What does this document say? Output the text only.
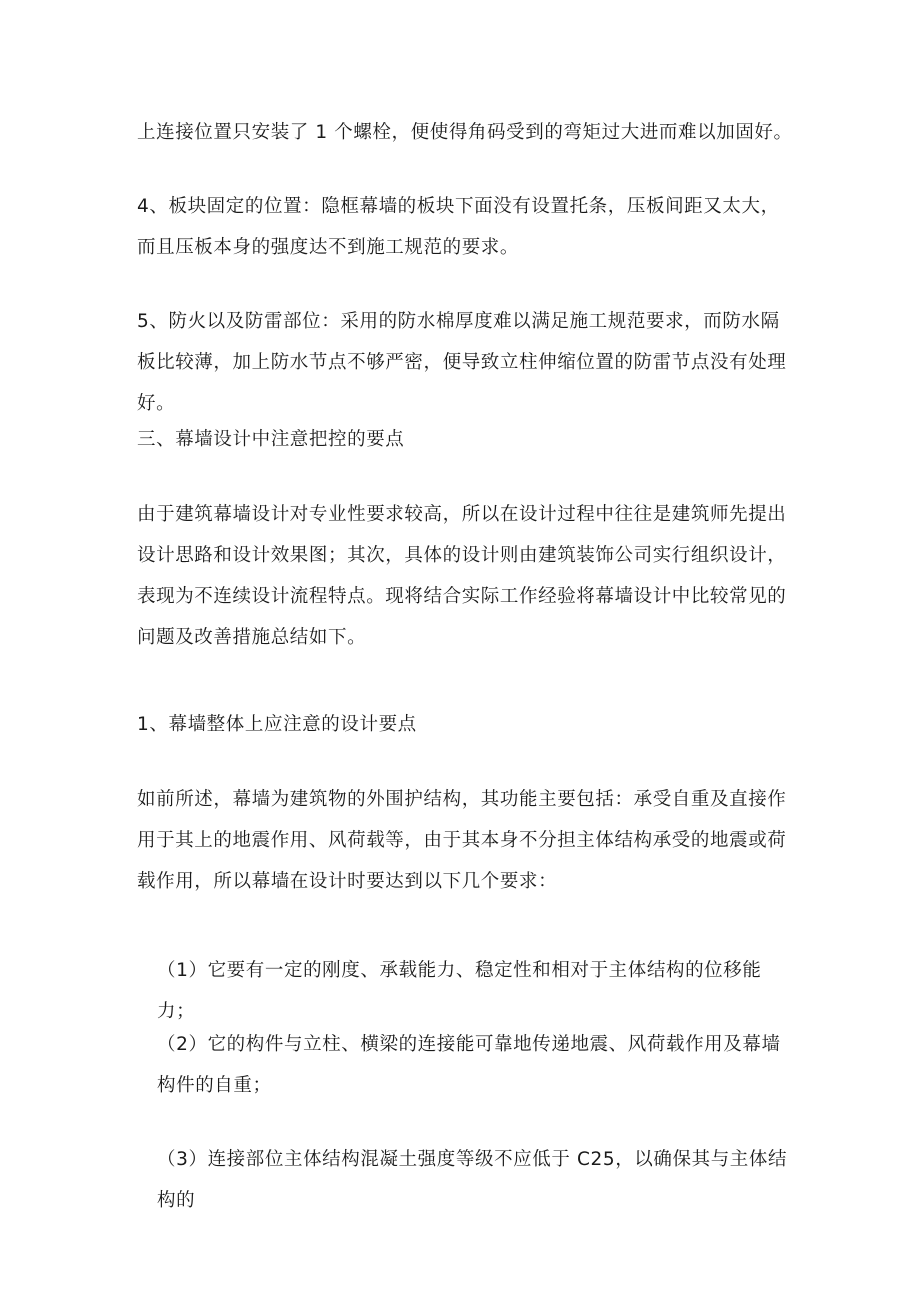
上连接位置只安装了 1 个螺栓，便使得角码受到的弯矩过大进而难以加固好。

4、板块固定的位置：隐框幕墙的板块下面没有设置托条，压板间距又太大，而且压板本身的强度达不到施工规范的要求。

5、防火以及防雷部位：采用的防水棉厚度难以满足施工规范要求，而防水隔板比较薄，加上防水节点不够严密，便导致立柱伸缩位置的防雷节点没有处理好。

三、幕墙设计中注意把控的要点

由于建筑幕墙设计对专业性要求较高，所以在设计过程中往往是建筑师先提出设计思路和设计效果图；其次，具体的设计则由建筑装饰公司实行组织设计，表现为不连续设计流程特点。现将结合实际工作经验将幕墙设计中比较常见的问题及改善措施总结如下。

1、幕墙整体上应注意的设计要点

如前所述，幕墙为建筑物的外围护结构，其功能主要包括：承受自重及直接作用于其上的地震作用、风荷载等，由于其本身不分担主体结构承受的地震或荷载作用，所以幕墙在设计时要达到以下几个要求：

（1）它要有一定的刚度、承载能力、稳定性和相对于主体结构的位移能力；

（2）它的构件与立柱、横梁的连接能可靠地传递地震、风荷载作用及幕墙构件的自重；

（3）连接部位主体结构混凝土强度等级不应低于 C25，以确保其与主体结构的
